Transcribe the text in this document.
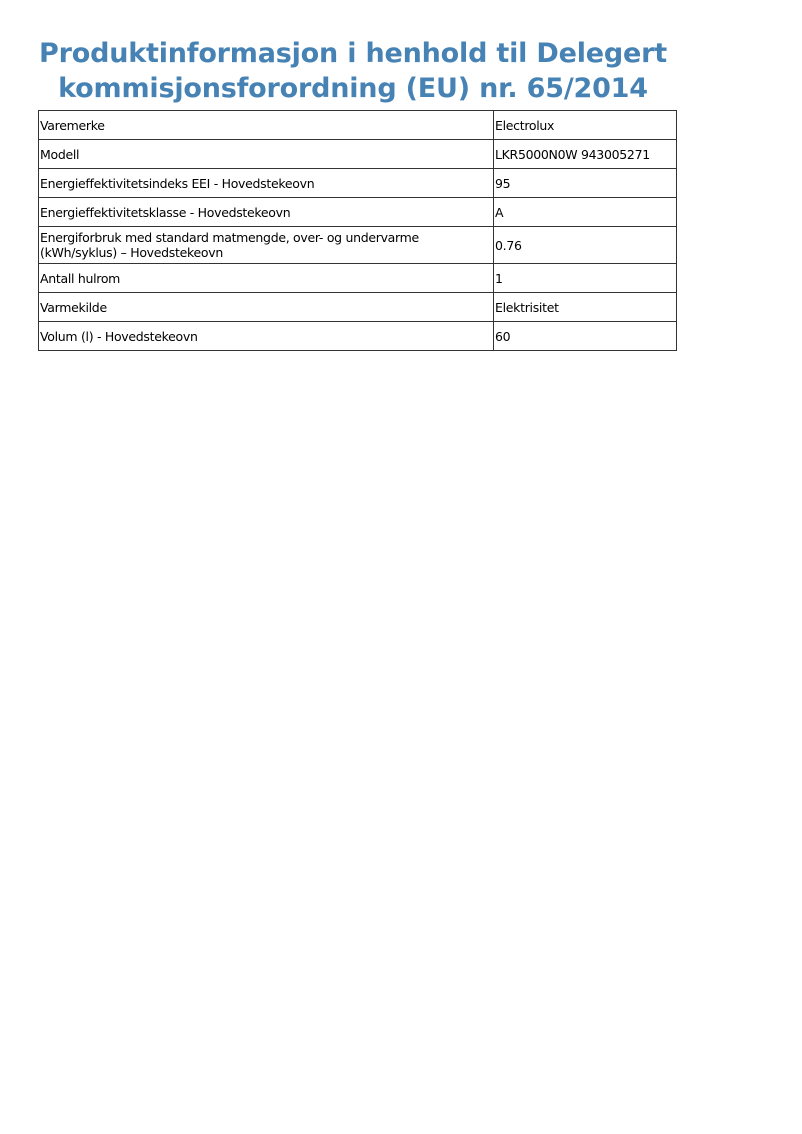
Produktinformasjon i henhold til Delegert kommisjonsforordning (EU) nr. 65/2014
Varemerke	Electrolux
Modell	LKR5000N0W 943005271
Energieffektivitetsindeks EEI - Hovedstekeovn	95
Energieffektivitetsklasse - Hovedstekeovn	A
Energiforbruk med standard matmengde, over- og undervarme (kWh/syklus) – Hovedstekeovn	0.76
Antall hulrom	1
Varmekilde	Elektrisitet
Volum (l) - Hovedstekeovn	60
